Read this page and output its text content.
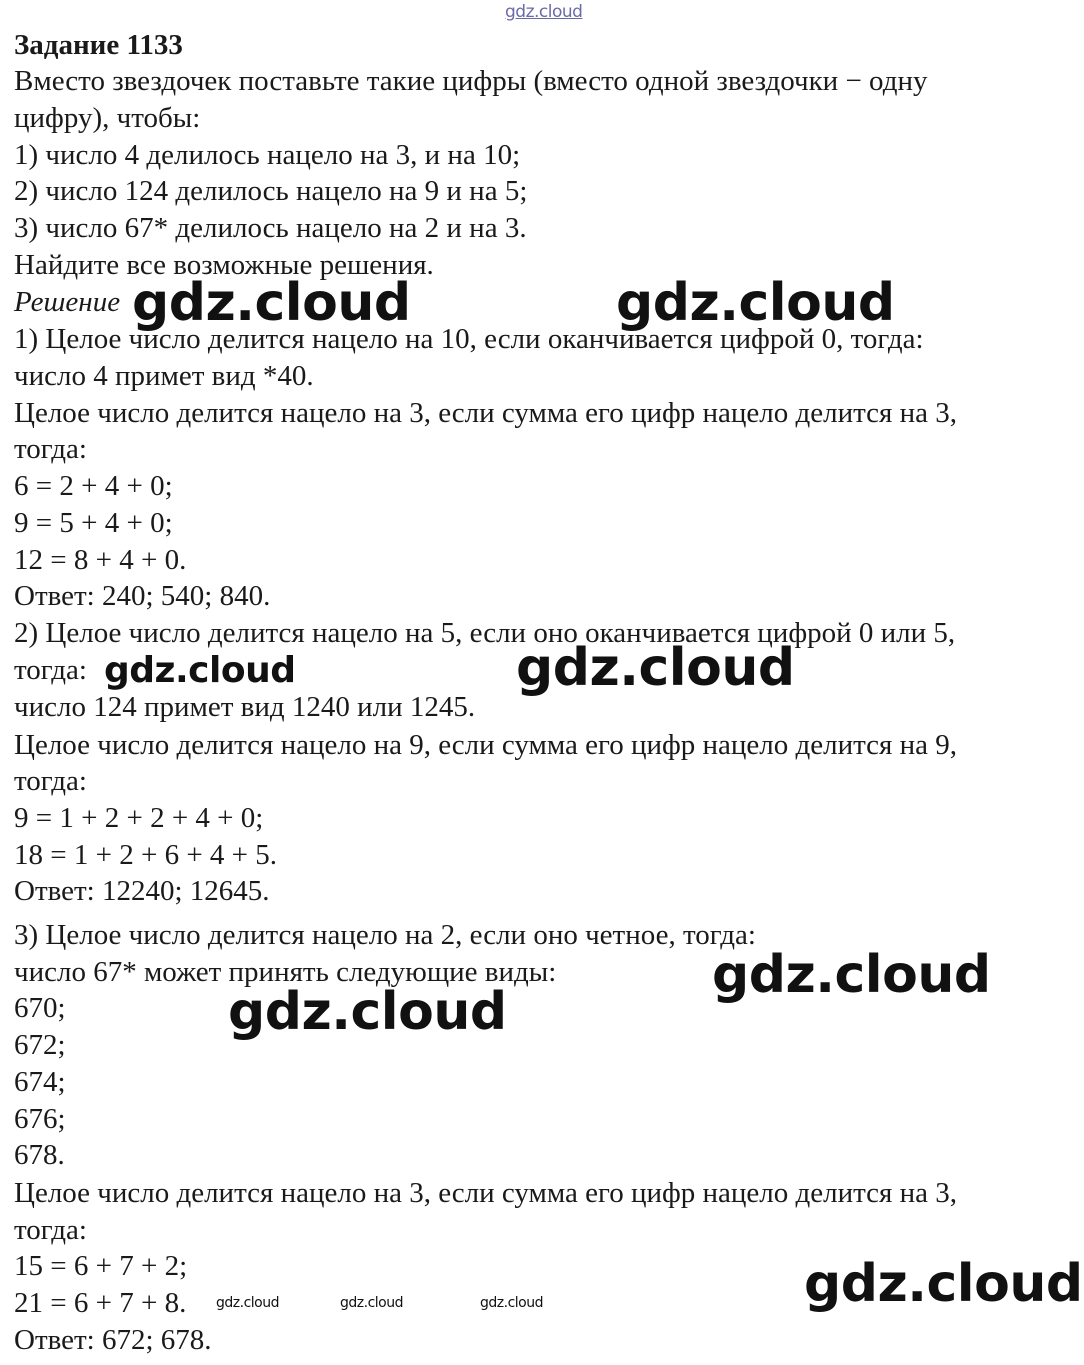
gdz.cloud
Задание 1133
Вместо звездочек поставьте такие цифры (вместо одной звездочки − одну
цифру), чтобы:
1) число 4 делилось нацело на 3, и на 10;
2) число 124 делилось нацело на 9 и на 5;
3) число 67* делилось нацело на 2 и на 3.
Найдите все возможные решения.
Решение
1) Целое число делится нацело на 10, если оканчивается цифрой 0, тогда:
число 4 примет вид *40.
Целое число делится нацело на 3, если сумма его цифр нацело делится на 3,
тогда:
6 = 2 + 4 + 0;
9 = 5 + 4 + 0;
12 = 8 + 4 + 0.
Ответ: 240; 540; 840.
2) Целое число делится нацело на 5, если оно оканчивается цифрой 0 или 5,
тогда:
число 124 примет вид 1240 или 1245.
Целое число делится нацело на 9, если сумма его цифр нацело делится на 9,
тогда:
9 = 1 + 2 + 2 + 4 + 0;
18 = 1 + 2 + 6 + 4 + 5.
Ответ: 12240; 12645.
3) Целое число делится нацело на 2, если оно четное, тогда:
число 67* может принять следующие виды:
670;
672;
674;
676;
678.
Целое число делится нацело на 3, если сумма его цифр нацело делится на 3,
тогда:
15 = 6 + 7 + 2;
21 = 6 + 7 + 8.
Ответ: 672; 678.
gdz.cloud	gdz.cloud
gdz.cloud	gdz.cloud
gdz.cloud
gdz.cloud
gdz.cloud
gdz.cloud	gdz.cloud	gdz.cloud
